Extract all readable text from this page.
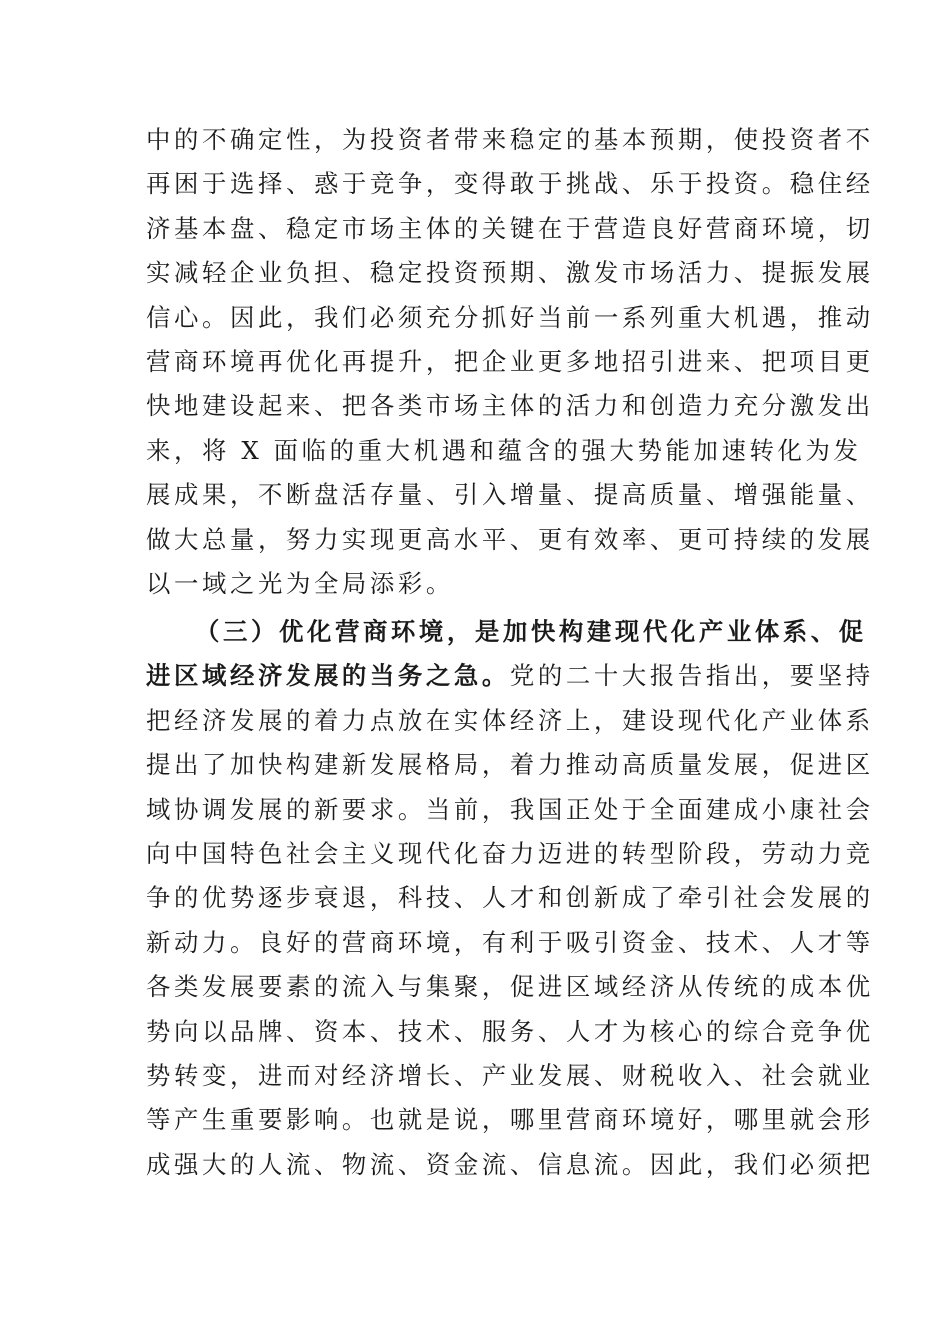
中的不确定性，为投资者带来稳定的基本预期，使投资者不
再困于选择、惑于竞争，变得敢于挑战、乐于投资。稳住经
济基本盘、稳定市场主体的关键在于营造良好营商环境，切
实减轻企业负担、稳定投资预期、激发市场活力、提振发展
信心。因此，我们必须充分抓好当前一系列重大机遇，推动
营商环境再优化再提升，把企业更多地招引进来、把项目更
快地建设起来、把各类市场主体的活力和创造力充分激发出
来，将 X 面临的重大机遇和蕴含的强大势能加速转化为发
展成果，不断盘活存量、引入增量、提高质量、增强能量、
做大总量，努力实现更高水平、更有效率、更可持续的发展
以一域之光为全局添彩。
（三）优化营商环境，是加快构建现代化产业体系、促
进区域经济发展的当务之急。党的二十大报告指出，要坚持
把经济发展的着力点放在实体经济上，建设现代化产业体系
提出了加快构建新发展格局，着力推动高质量发展，促进区
域协调发展的新要求。当前，我国正处于全面建成小康社会
向中国特色社会主义现代化奋力迈进的转型阶段，劳动力竞
争的优势逐步衰退，科技、人才和创新成了牵引社会发展的
新动力。良好的营商环境，有利于吸引资金、技术、人才等
各类发展要素的流入与集聚，促进区域经济从传统的成本优
势向以品牌、资本、技术、服务、人才为核心的综合竞争优
势转变，进而对经济增长、产业发展、财税收入、社会就业
等产生重要影响。也就是说，哪里营商环境好，哪里就会形
成强大的人流、物流、资金流、信息流。因此，我们必须把
